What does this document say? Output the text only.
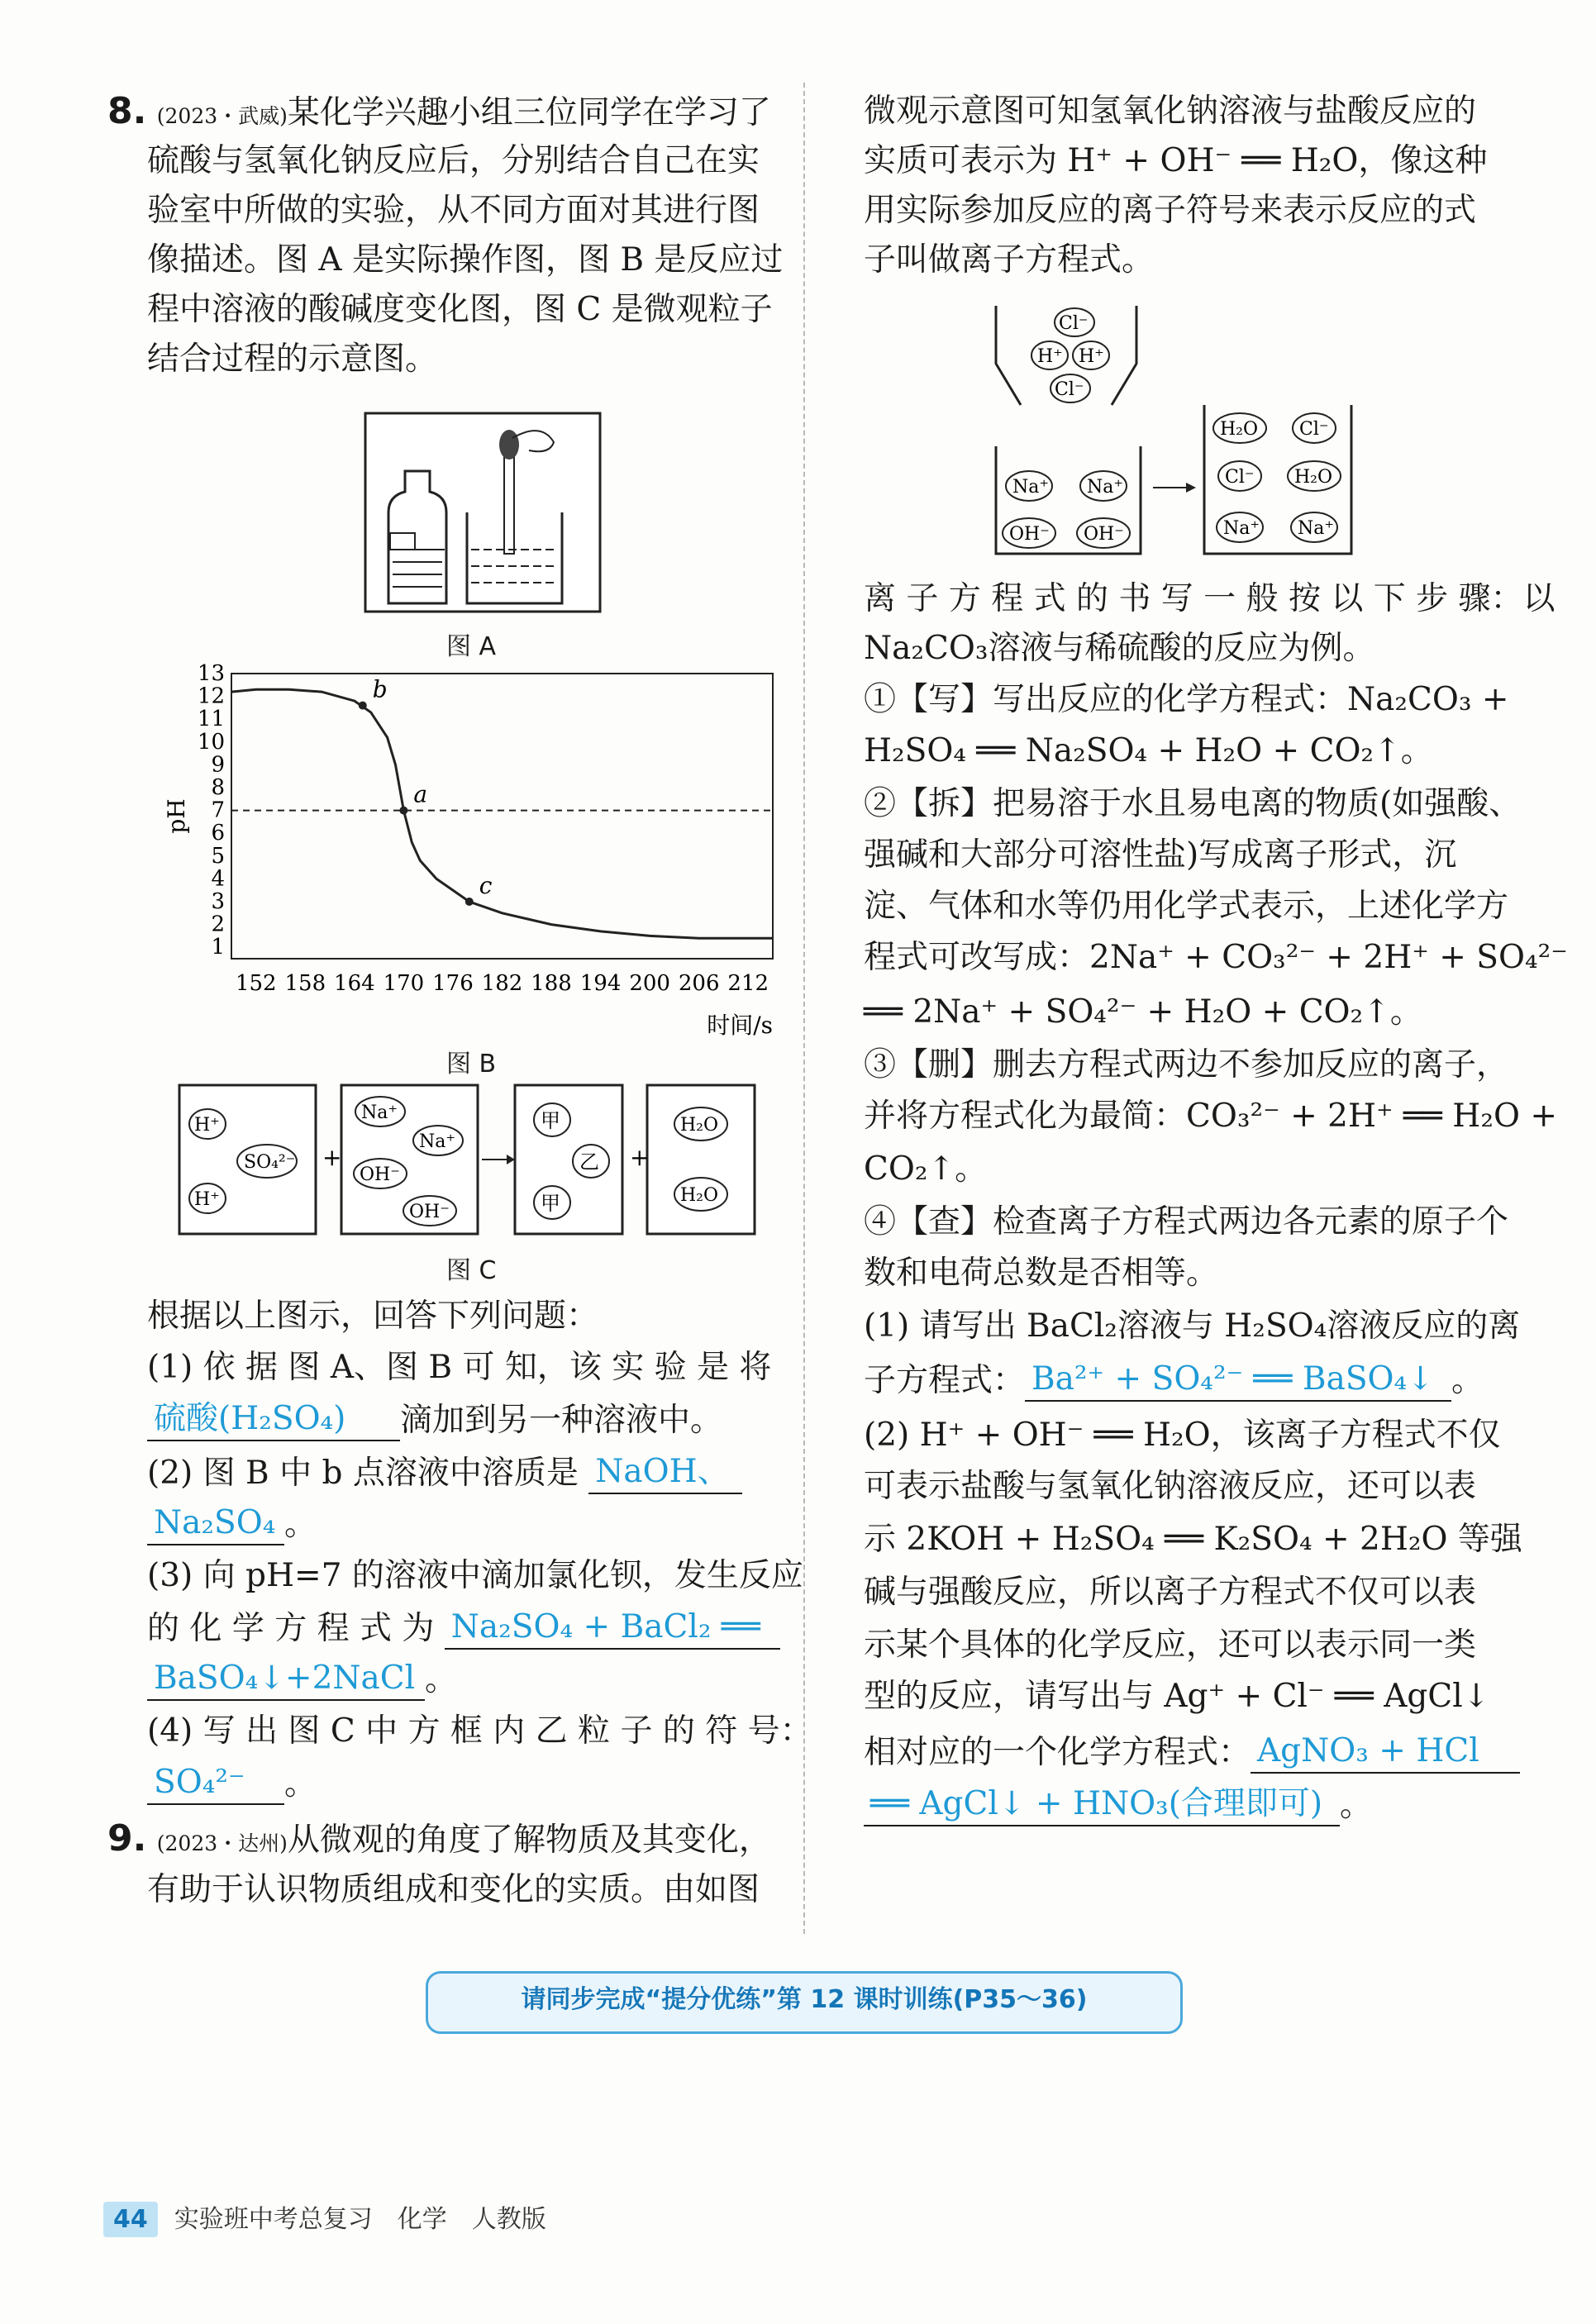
8. (2023・武威)某化学兴趣小组三位同学在学习了
硫酸与氢氧化钠反应后，分别结合自己在实
验室中所做的实验，从不同方面对其进行图
像描述。图 A 是实际操作图，图 B 是反应过
程中溶液的酸碱度变化图，图 C 是微观粒子
结合过程的示意图。
图 A
1
2
3
4
5
6
7
8
9
10
11
12
13
152 158 164 170 176 182 188 194 200 206 212
b
a
c
pH
时间/s
图 B
+	+
H⁺
SO₄²⁻
H⁺
Na⁺
Na⁺
OH⁻
OH⁻
甲
乙
甲
H₂O
H₂O
图 C
根据以上图示，回答下列问题：
(1) 依 据 图 A、图 B 可 知，该 实 验 是 将
硫酸(H₂SO₄) 滴加到另一种溶液中。
(2) 图 B 中 b 点溶液中溶质是 NaOH、
Na₂SO₄ 。
(3) 向 pH=7 的溶液中滴加氯化钡，发生反应
的 化 学 方 程 式 为 Na₂SO₄ + BaCl₂ ══
BaSO₄↓+2NaCl 。
(4) 写 出 图 C 中 方 框 内 乙 粒 子 的 符 号：
SO₄²⁻ 。
9. (2023・达州)从微观的角度了解物质及其变化，
有助于认识物质组成和变化的实质。由如图
微观示意图可知氢氧化钠溶液与盐酸反应的
实质可表示为 H⁺ + OH⁻ ══ H₂O，像这种
用实际参加反应的离子符号来表示反应的式
子叫做离子方程式。
Cl⁻
H⁺ H⁺
Cl⁻
Na⁺ Na⁺
OH⁻ OH⁻
H₂O Cl⁻
Cl⁻ H₂O
Na⁺ Na⁺
离 子 方 程 式 的 书 写 一 般 按 以 下 步 骤：以
Na₂CO₃溶液与稀硫酸的反应为例。
①【写】写出反应的化学方程式：Na₂CO₃ +
H₂SO₄ ══ Na₂SO₄ + H₂O + CO₂↑。
②【拆】把易溶于水且易电离的物质(如强酸、
强碱和大部分可溶性盐)写成离子形式，沉
淀、气体和水等仍用化学式表示，上述化学方
程式可改写成：2Na⁺ + CO₃²⁻ + 2H⁺ + SO₄²⁻
══ 2Na⁺ + SO₄²⁻ + H₂O + CO₂↑。
③【删】删去方程式两边不参加反应的离子，
并将方程式化为最简：CO₃²⁻ + 2H⁺ ══ H₂O +
CO₂↑。
④【查】检查离子方程式两边各元素的原子个
数和电荷总数是否相等。
(1) 请写出 BaCl₂溶液与 H₂SO₄溶液反应的离
子方程式： Ba²⁺ + SO₄²⁻ ══ BaSO₄↓ 。
(2) H⁺ + OH⁻ ══ H₂O，该离子方程式不仅
可表示盐酸与氢氧化钠溶液反应，还可以表
示 2KOH + H₂SO₄ ══ K₂SO₄ + 2H₂O 等强
碱与强酸反应，所以离子方程式不仅可以表
示某个具体的化学反应，还可以表示同一类
型的反应，请写出与 Ag⁺ + Cl⁻ ══ AgCl↓
相对应的一个化学方程式： AgNO₃ + HCl
══ AgCl↓ + HNO₃(合理即可) 。
请同步完成“提分优练”第 12 课时训练(P35～36)
44 实验班中考总复习　化学　人教版
